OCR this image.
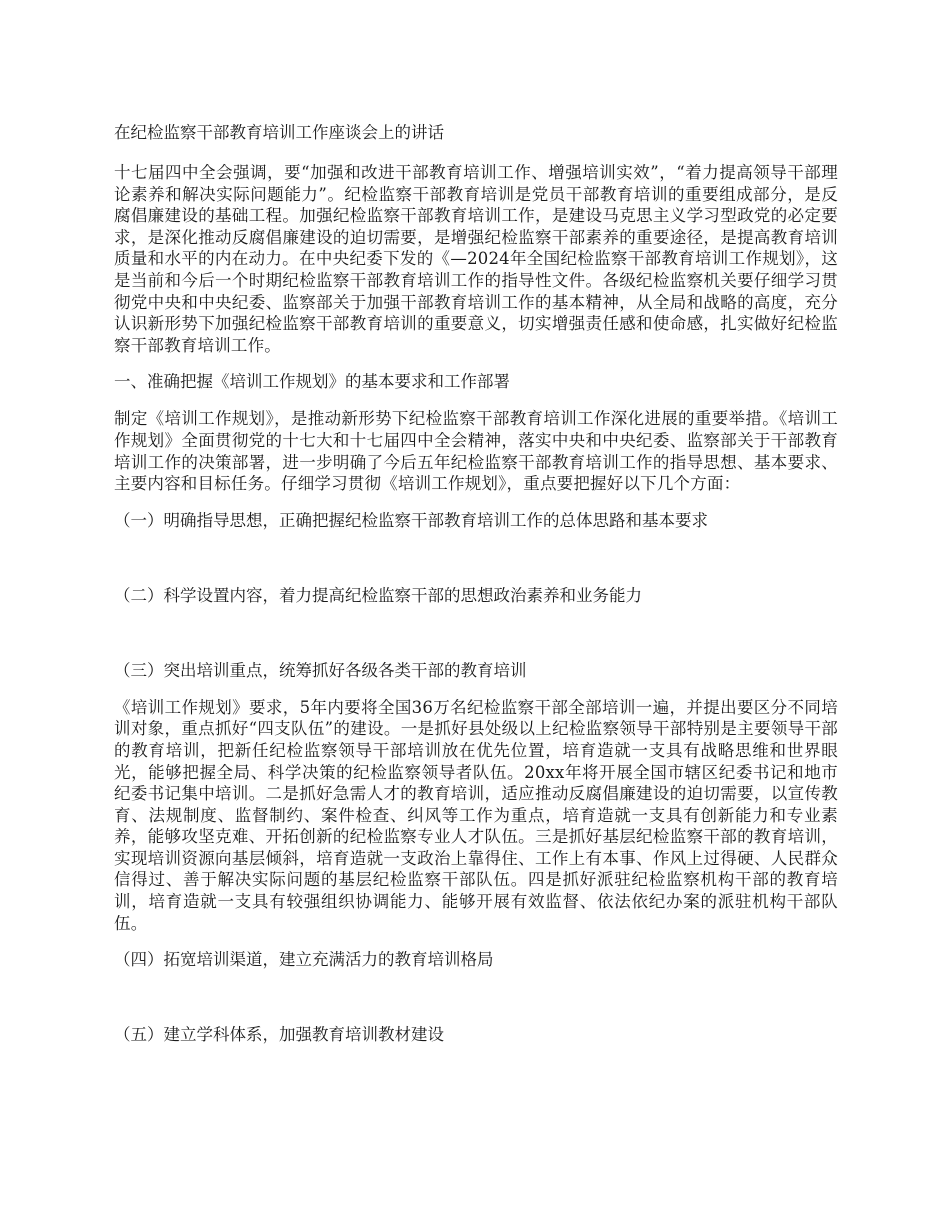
在纪检监察干部教育培训工作座谈会上的讲话
十七届四中全会强调，要“加强和改进干部教育培训工作、增强培训实效”，“着力提高领导干部理论素养和解决实际问题能力”。纪检监察干部教育培训是党员干部教育培训的重要组成部分，是反腐倡廉建设的基础工程。加强纪检监察干部教育培训工作，是建设马克思主义学习型政党的必定要求，是深化推动反腐倡廉建设的迫切需要，是增强纪检监察干部素养的重要途径，是提高教育培训质量和水平的内在动力。在中央纪委下发的《—2024年全国纪检监察干部教育培训工作规划》，这是当前和今后一个时期纪检监察干部教育培训工作的指导性文件。各级纪检监察机关要仔细学习贯彻党中央和中央纪委、监察部关于加强干部教育培训工作的基本精神，从全局和战略的高度，充分认识新形势下加强纪检监察干部教育培训的重要意义，切实增强责任感和使命感，扎实做好纪检监察干部教育培训工作。
一、准确把握《培训工作规划》的基本要求和工作部署
制定《培训工作规划》，是推动新形势下纪检监察干部教育培训工作深化进展的重要举措。《培训工作规划》全面贯彻党的十七大和十七届四中全会精神，落实中央和中央纪委、监察部关于干部教育培训工作的决策部署，进一步明确了今后五年纪检监察干部教育培训工作的指导思想、基本要求、主要内容和目标任务。仔细学习贯彻《培训工作规划》，重点要把握好以下几个方面：
（一）明确指导思想，正确把握纪检监察干部教育培训工作的总体思路和基本要求
（二）科学设置内容，着力提高纪检监察干部的思想政治素养和业务能力
（三）突出培训重点，统筹抓好各级各类干部的教育培训
《培训工作规划》要求，5年内要将全国36万名纪检监察干部全部培训一遍，并提出要区分不同培训对象，重点抓好“四支队伍”的建设。一是抓好县处级以上纪检监察领导干部特别是主要领导干部的教育培训，把新任纪检监察领导干部培训放在优先位置，培育造就一支具有战略思维和世界眼光，能够把握全局、科学决策的纪检监察领导者队伍。20xx年将开展全国市辖区纪委书记和地市纪委书记集中培训。二是抓好急需人才的教育培训，适应推动反腐倡廉建设的迫切需要，以宣传教育、法规制度、监督制约、案件检查、纠风等工作为重点，培育造就一支具有创新能力和专业素养，能够攻坚克难、开拓创新的纪检监察专业人才队伍。三是抓好基层纪检监察干部的教育培训，实现培训资源向基层倾斜，培育造就一支政治上靠得住、工作上有本事、作风上过得硬、人民群众信得过、善于解决实际问题的基层纪检监察干部队伍。四是抓好派驻纪检监察机构干部的教育培训，培育造就一支具有较强组织协调能力、能够开展有效监督、依法依纪办案的派驻机构干部队伍。
（四）拓宽培训渠道，建立充满活力的教育培训格局
（五）建立学科体系，加强教育培训教材建设
